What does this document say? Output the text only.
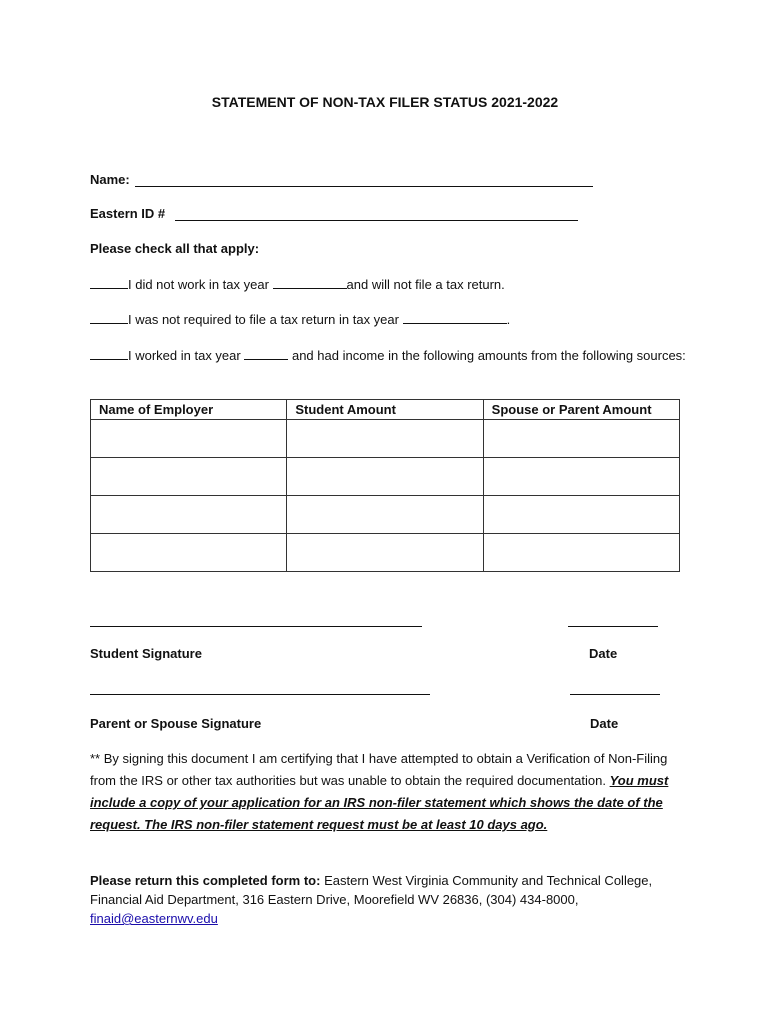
STATEMENT OF NON-TAX FILER STATUS 2021-2022
Name:
Eastern ID #
Please check all that apply:
I did not work in tax year	and will not file a tax return.
I was not required to file a tax return in tax year	.
I worked in tax year	and had income in the following amounts from the following sources:
Name of Employer	Student Amount	Spouse or Parent Amount

Student Signature	Date
Parent or Spouse Signature	Date
** By signing this document I am certifying that I have attempted to obtain a Verification of Non-Filing from the IRS or other tax authorities but was unable to obtain the required documentation. You must include a copy of your application for an IRS non-filer statement which shows the date of the request. The IRS non-filer statement request must be at least 10 days ago.
Please return this completed form to: Eastern West Virginia Community and Technical College, Financial Aid Department, 316 Eastern Drive, Moorefield WV 26836, (304) 434-8000, finaid@easternwv.edu
